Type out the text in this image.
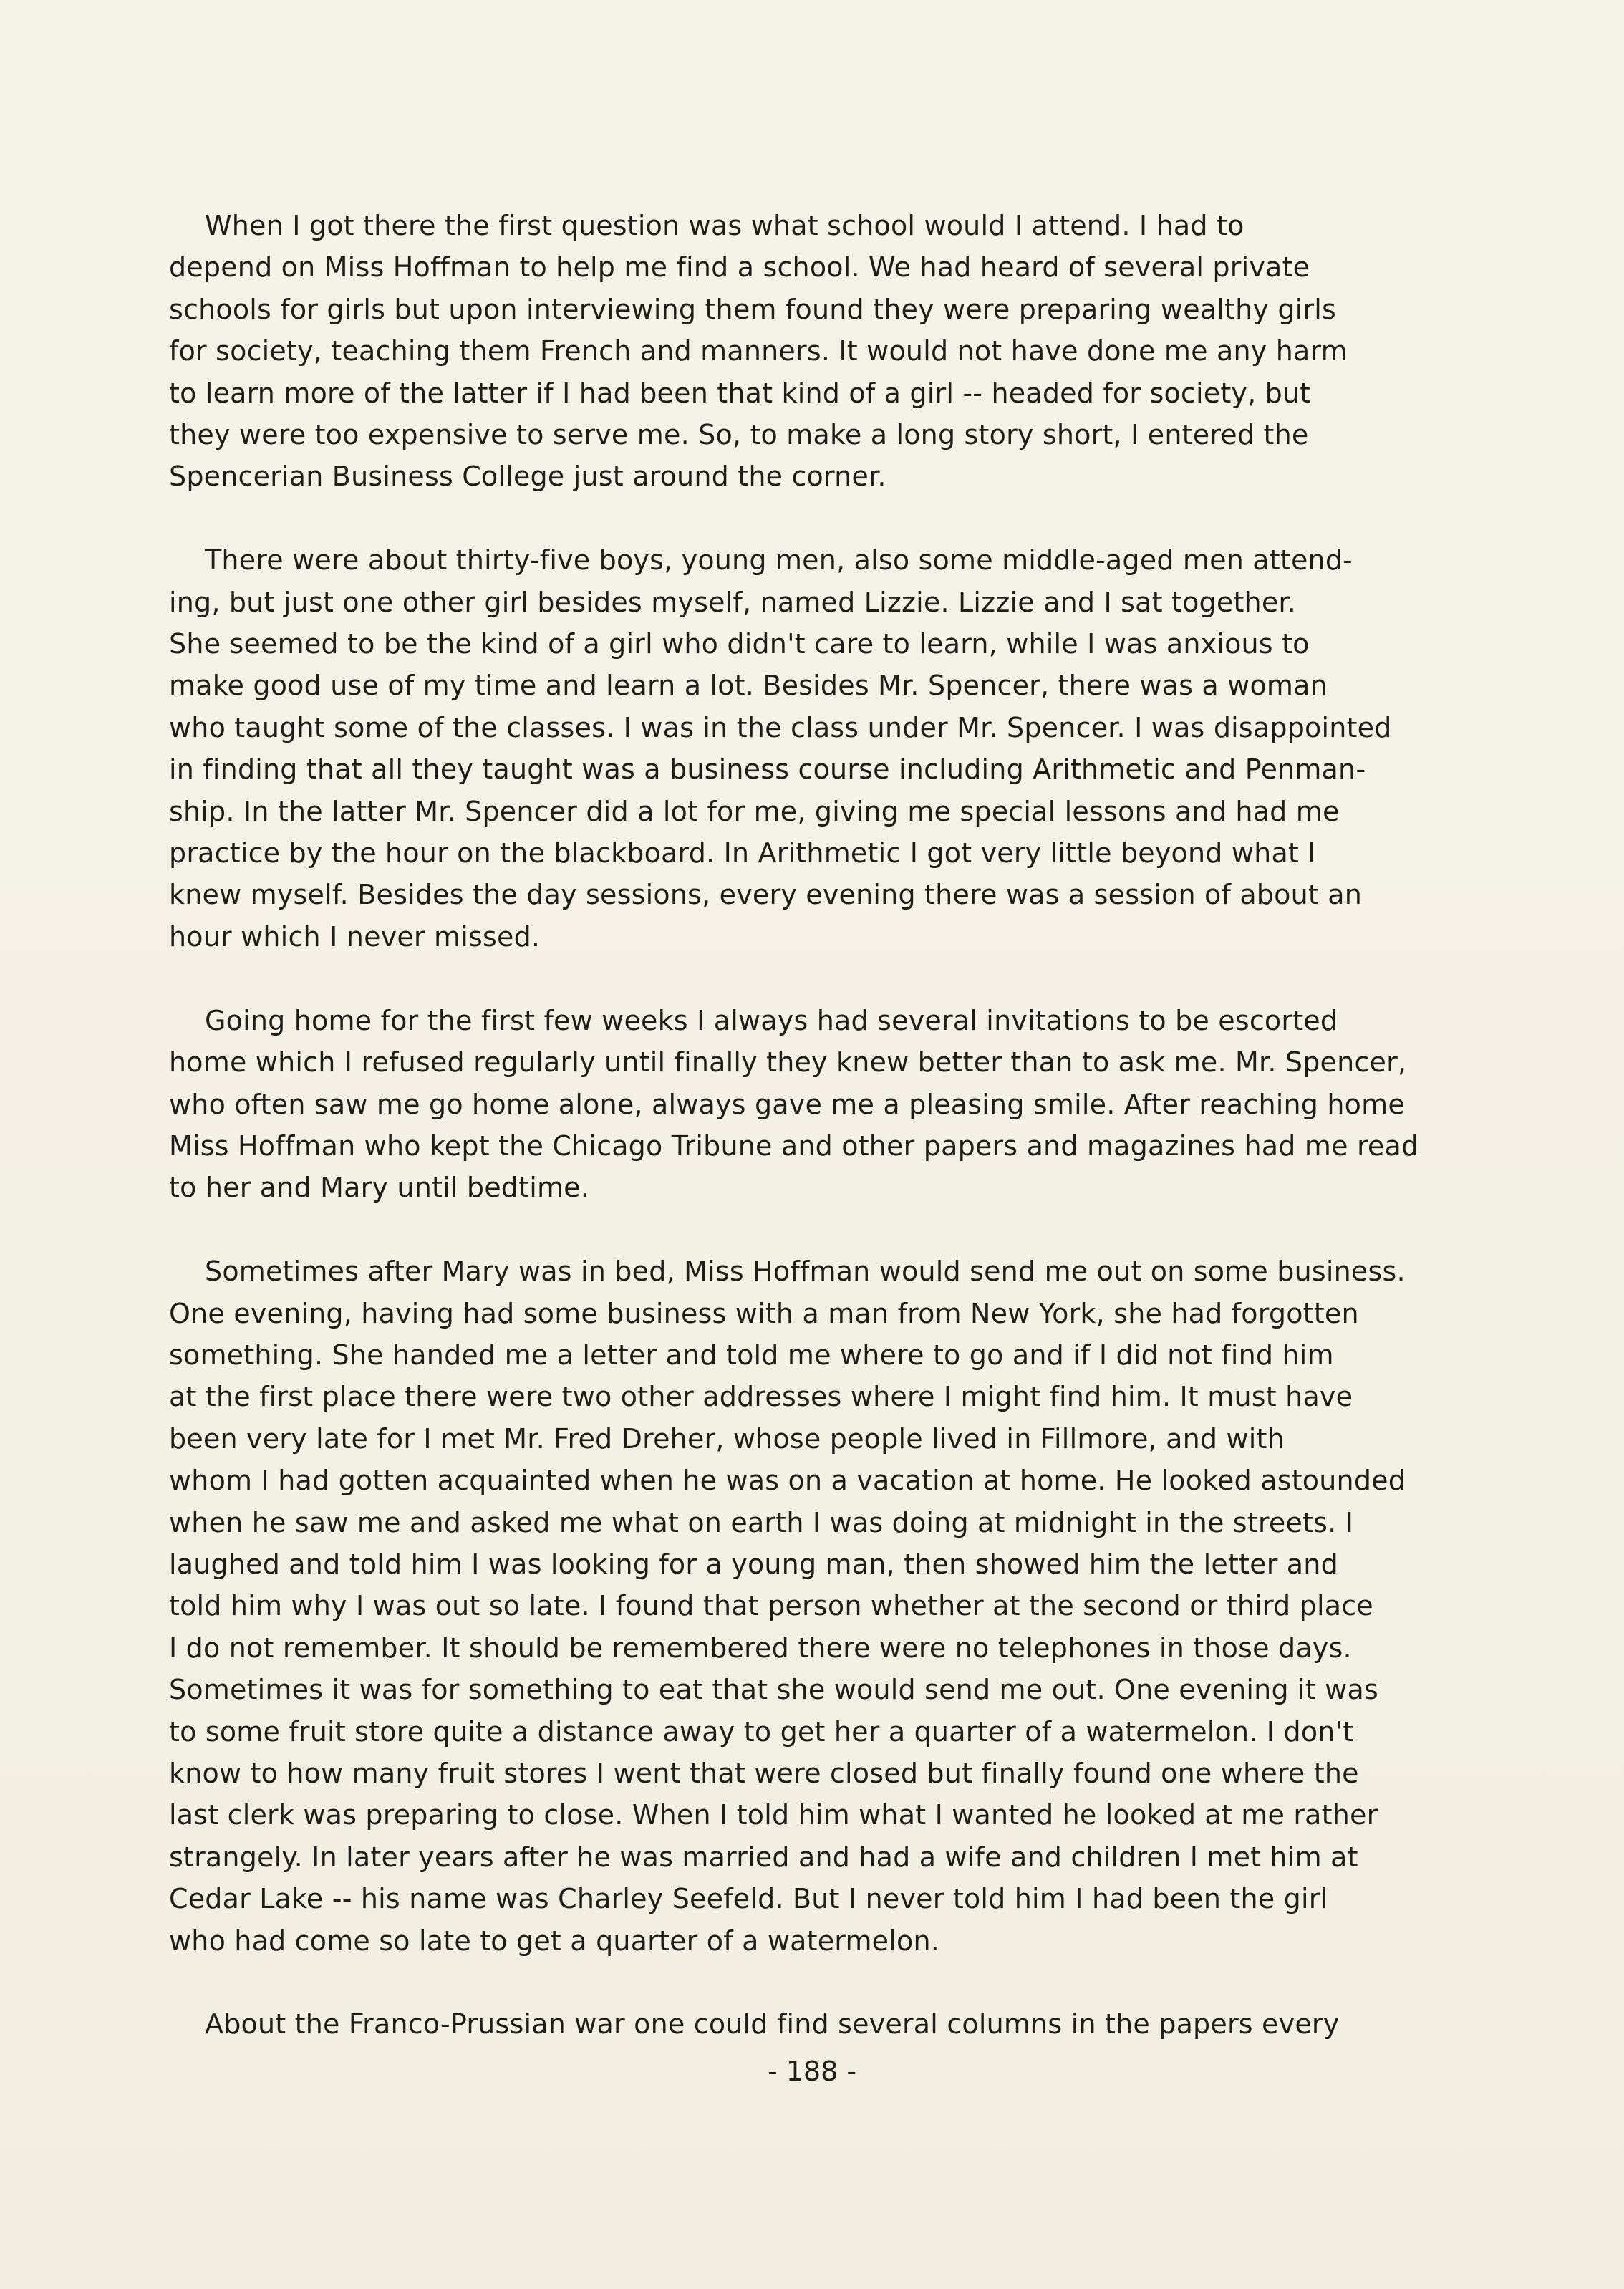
When I got there the first question was what school would I attend. I had to
depend on Miss Hoffman to help me find a school. We had heard of several private
schools for girls but upon interviewing them found they were preparing wealthy girls
for society, teaching them French and manners. It would not have done me any harm
to learn more of the latter if I had been that kind of a girl -- headed for society, but
they were too expensive to serve me. So, to make a long story short, I entered the
Spencerian Business College just around the corner.
There were about thirty-five boys, young men, also some middle-aged men attend-
ing, but just one other girl besides myself, named Lizzie. Lizzie and I sat together.
She seemed to be the kind of a girl who didn't care to learn, while I was anxious to
make good use of my time and learn a lot. Besides Mr. Spencer, there was a woman
who taught some of the classes. I was in the class under Mr. Spencer. I was disappointed
in finding that all they taught was a business course including Arithmetic and Penman-
ship. In the latter Mr. Spencer did a lot for me, giving me special lessons and had me
practice by the hour on the blackboard. In Arithmetic I got very little beyond what I
knew myself. Besides the day sessions, every evening there was a session of about an
hour which I never missed.
Going home for the first few weeks I always had several invitations to be escorted
home which I refused regularly until finally they knew better than to ask me. Mr. Spencer,
who often saw me go home alone, always gave me a pleasing smile. After reaching home
Miss Hoffman who kept the Chicago Tribune and other papers and magazines had me read
to her and Mary until bedtime.
Sometimes after Mary was in bed, Miss Hoffman would send me out on some business.
One evening, having had some business with a man from New York, she had forgotten
something. She handed me a letter and told me where to go and if I did not find him
at the first place there were two other addresses where I might find him. It must have
been very late for I met Mr. Fred Dreher, whose people lived in Fillmore, and with
whom I had gotten acquainted when he was on a vacation at home. He looked astounded
when he saw me and asked me what on earth I was doing at midnight in the streets. I
laughed and told him I was looking for a young man, then showed him the letter and
told him why I was out so late. I found that person whether at the second or third place
I do not remember. It should be remembered there were no telephones in those days.
Sometimes it was for something to eat that she would send me out. One evening it was
to some fruit store quite a distance away to get her a quarter of a watermelon. I don't
know to how many fruit stores I went that were closed but finally found one where the
last clerk was preparing to close. When I told him what I wanted he looked at me rather
strangely. In later years after he was married and had a wife and children I met him at
Cedar Lake -- his name was Charley Seefeld. But I never told him I had been the girl
who had come so late to get a quarter of a watermelon.
About the Franco-Prussian war one could find several columns in the papers every
- 188 -
